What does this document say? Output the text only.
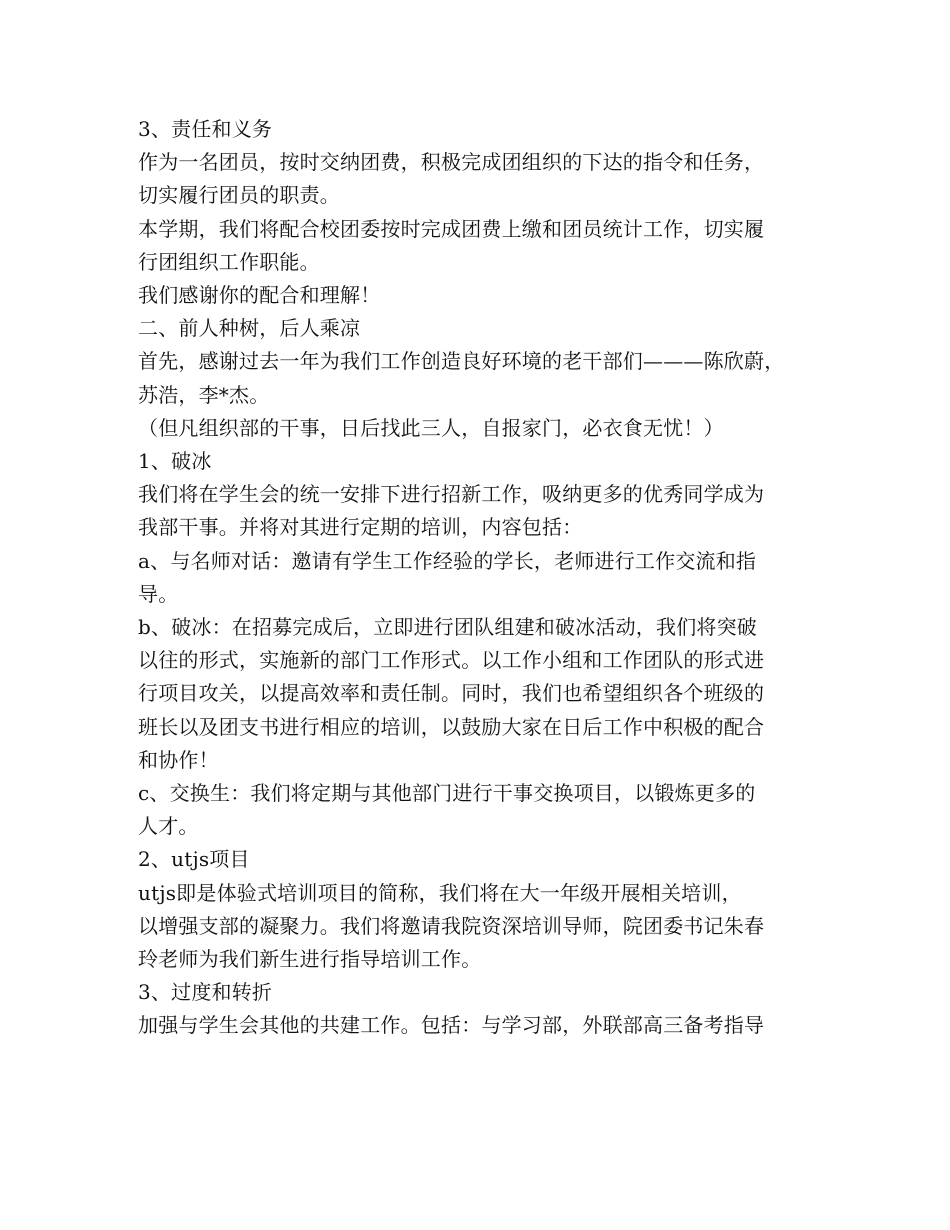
3、责任和义务
作为一名团员，按时交纳团费，积极完成团组织的下达的指令和任务，
切实履行团员的职责。
本学期，我们将配合校团委按时完成团费上缴和团员统计工作，切实履
行团组织工作职能。
我们感谢你的配合和理解！
二、前人种树，后人乘凉
首先，感谢过去一年为我们工作创造良好环境的老干部们———陈欣蔚，
苏浩，李*杰。
（但凡组织部的干事，日后找此三人，自报家门，必衣食无忧！）
1、破冰
我们将在学生会的统一安排下进行招新工作，吸纳更多的优秀同学成为
我部干事。并将对其进行定期的培训，内容包括：
a、与名师对话：邀请有学生工作经验的学长，老师进行工作交流和指
导。
b、破冰：在招募完成后，立即进行团队组建和破冰活动，我们将突破
以往的形式，实施新的部门工作形式。以工作小组和工作团队的形式进
行项目攻关，以提高效率和责任制。同时，我们也希望组织各个班级的
班长以及团支书进行相应的培训，以鼓励大家在日后工作中积极的配合
和协作！
c、交换生：我们将定期与其他部门进行干事交换项目，以锻炼更多的
人才。
2、utjs项目
utjs即是体验式培训项目的简称，我们将在大一年级开展相关培训，
以增强支部的凝聚力。我们将邀请我院资深培训导师，院团委书记朱春
玲老师为我们新生进行指导培训工作。
3、过度和转折
加强与学生会其他的共建工作。包括：与学习部，外联部高三备考指导
